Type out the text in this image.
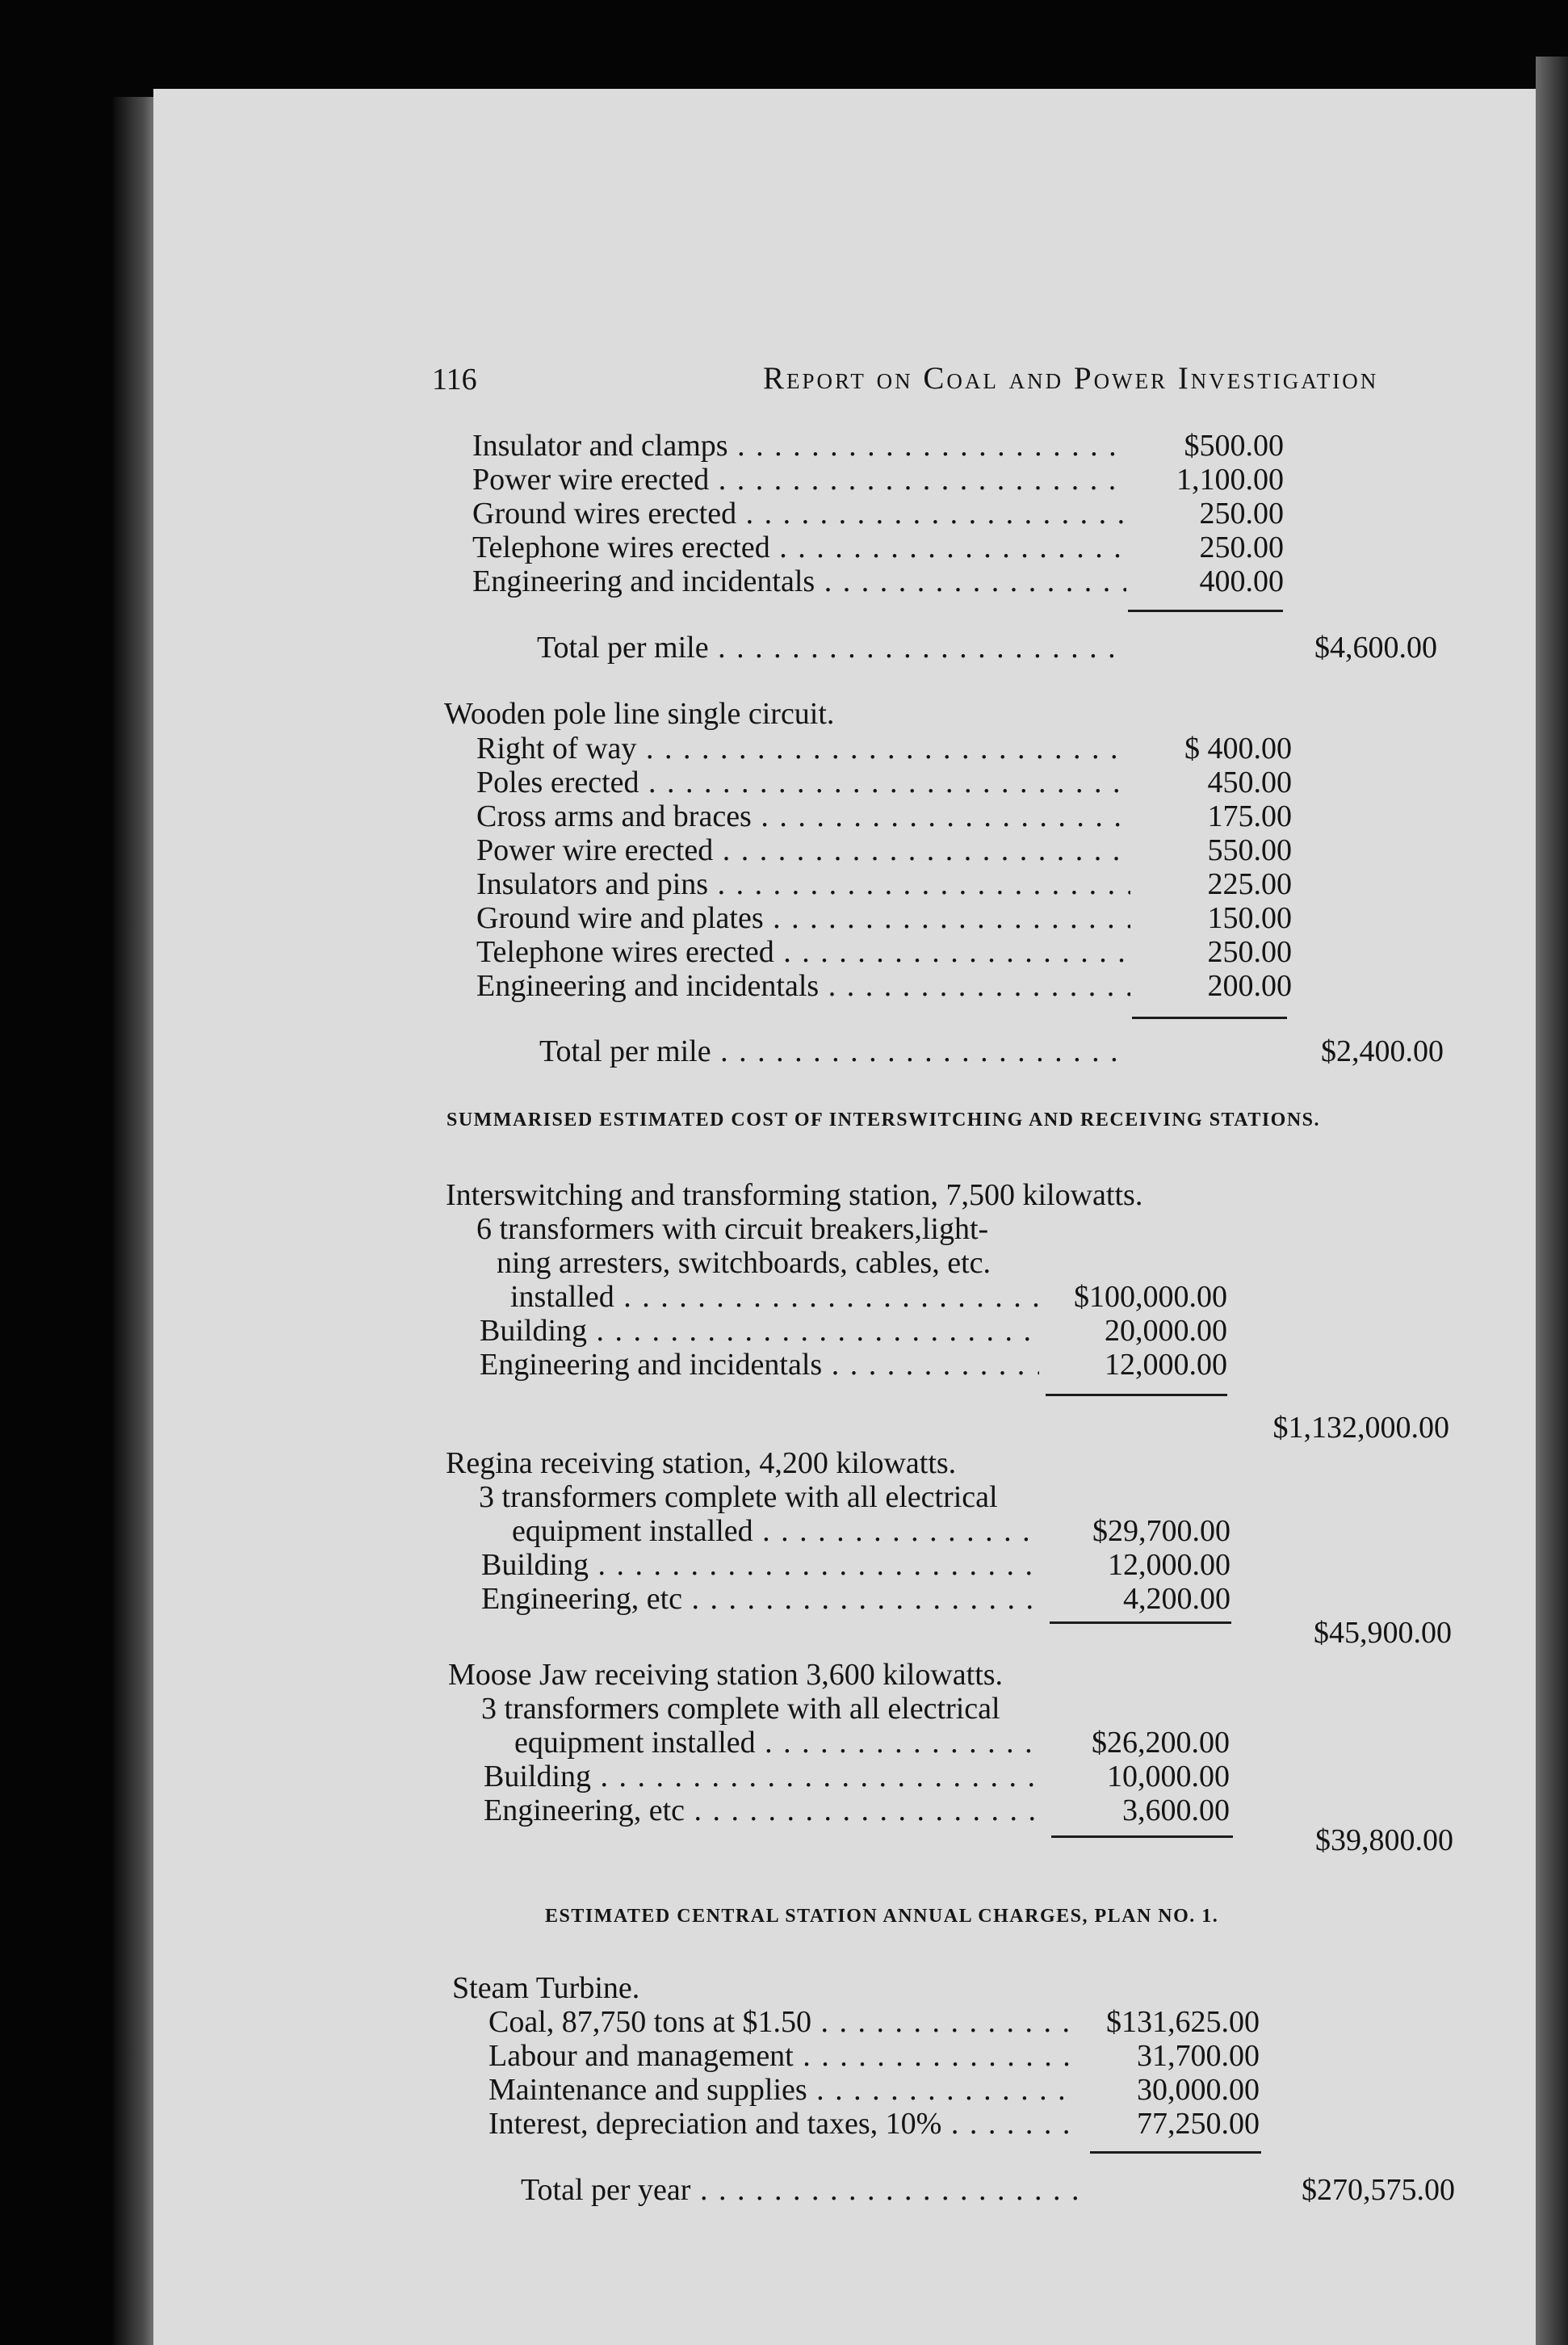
116	Report on Coal and Power Investigation
Insulator and clamps . . .	$500.00
Power wire erected . . .	1,100.00
Ground wires erected . . .	250.00
Telephone wires erected . . .	250.00
Engineering and incidentals . . .	400.00
Total per mile . . .	$4,600.00
Wooden pole line single circuit.
Right of way . . .	$ 400.00
Poles erected . . .	450.00
Cross arms and braces . . .	175.00
Power wire erected . . .	550.00
Insulators and pins . . .	225.00
Ground wire and plates . . .	150.00
Telephone wires erected . . .	250.00
Engineering and incidentals . . .	200.00
Total per mile . . .	$2,400.00
SUMMARISED ESTIMATED COST OF INTERSWITCHING AND RECEIVING STATIONS.
Interswitching and transforming station, 7,500 kilowatts.
6 transformers with circuit breakers,light-
ning arresters, switchboards, cables, etc.
installed . . .	$100,000.00
Building . . .	20,000.00
Engineering and incidentals . . .	12,000.00
$1,132,000.00
Regina receiving station, 4,200 kilowatts.
3 transformers complete with all electrical
equipment installed . . .	$29,700.00
Building . . .	12,000.00
Engineering, etc . . .	4,200.00
$45,900.00
Moose Jaw receiving station 3,600 kilowatts.
3 transformers complete with all electrical
equipment installed . . .	$26,200.00
Building . . .	10,000.00
Engineering, etc . . .	3,600.00
$39,800.00
ESTIMATED CENTRAL STATION ANNUAL CHARGES, PLAN NO. 1.
Steam Turbine.
Coal, 87,750 tons at $1.50 . . .	$131,625.00
Labour and management . . .	31,700.00
Maintenance and supplies . . .	30,000.00
Interest, depreciation and taxes, 10% . . .	77,250.00
Total per year . . .	$270,575.00
